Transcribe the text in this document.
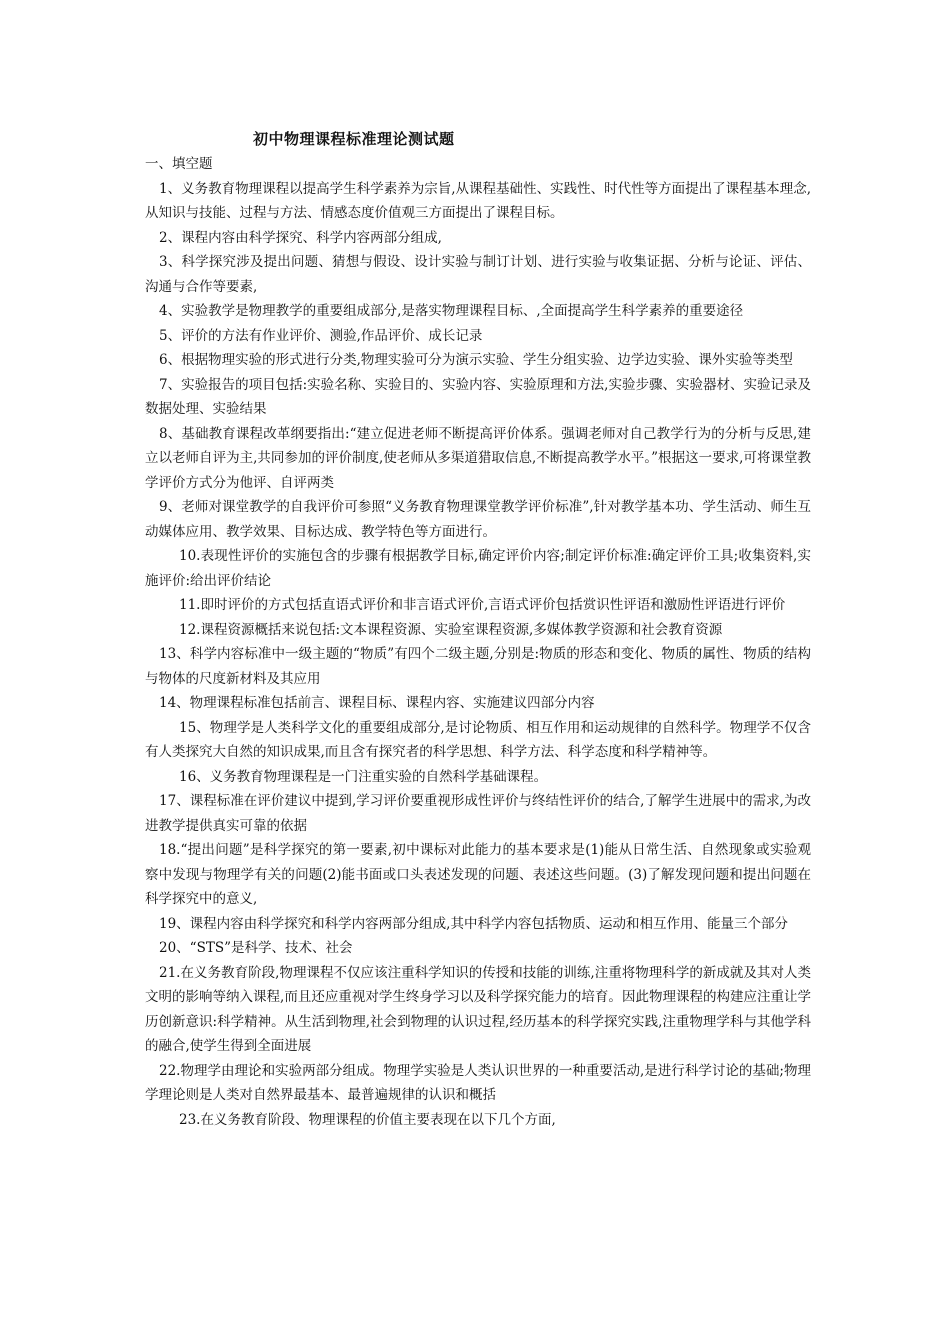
初中物理课程标准理论测试题

一、填空题

1、义务教育物理课程以提高学生科学素养为宗旨,从课程基础性、实践性、时代性等方面提出了课程基本理念,从知识与技能、过程与方法、情感态度价值观三方面提出了课程目标。

2、课程内容由科学探究、科学内容两部分组成,

3、科学探究涉及提出问题、猜想与假设、设计实验与制订计划、进行实验与收集证据、分析与论证、评估、沟通与合作等要素,

4、实验教学是物理教学的重要组成部分,是落实物理课程目标、,全面提高学生科学素养的重要途径

5、评价的方法有作业评价、测验,作品评价、成长记录

6、根据物理实验的形式进行分类,物理实验可分为演示实验、学生分组实验、边学边实验、课外实验等类型

7、实验报告的项目包括:实验名称、实验目的、实验内容、实验原理和方法,实验步骤、实验器材、实验记录及数据处理、实验结果

8、基础教育课程改革纲要指出:“建立促进老师不断提高评价体系。强调老师对自己教学行为的分析与反思,建立以老师自评为主,共同参加的评价制度,使老师从多渠道猎取信息,不断提高教学水平。”根据这一要求,可将课堂教学评价方式分为他评、自评两类

9、老师对课堂教学的自我评价可参照“义务教育物理课堂教学评价标准”,针对教学基本功、学生活动、师生互动媒体应用、教学效果、目标达成、教学特色等方面进行。

10.表现性评价的实施包含的步骤有根据教学目标,确定评价内容;制定评价标准:确定评价工具;收集资料,实施评价:给出评价结论

11.即时评价的方式包括直语式评价和非言语式评价,言语式评价包括赏识性评语和激励性评语进行评价

12.课程资源概括来说包括:文本课程资源、实验室课程资源,多媒体教学资源和社会教育资源

13、科学内容标准中一级主题的“物质”有四个二级主题,分别是:物质的形态和变化、物质的属性、物质的结构与物体的尺度新材料及其应用

14、物理课程标准包括前言、课程目标、课程内容、实施建议四部分内容

15、物理学是人类科学文化的重要组成部分,是讨论物质、相互作用和运动规律的自然科学。物理学不仅含有人类探究大自然的知识成果,而且含有探究者的科学思想、科学方法、科学态度和科学精神等。

16、义务教育物理课程是一门注重实验的自然科学基础课程。

17、课程标准在评价建议中提到,学习评价要重视形成性评价与终结性评价的结合,了解学生进展中的需求,为改进教学提供真实可靠的依据

18.“提出问题”是科学探究的第一要素,初中课标对此能力的基本要求是(1)能从日常生活、自然现象或实验观察中发现与物理学有关的问题(2)能书面或口头表述发现的问题、表述这些问题。(3)了解发现问题和提出问题在科学探究中的意义,

19、课程内容由科学探究和科学内容两部分组成,其中科学内容包括物质、运动和相互作用、能量三个部分

20、“STS”是科学、技术、社会

21.在义务教育阶段,物理课程不仅应该注重科学知识的传授和技能的训练,注重将物理科学的新成就及其对人类文明的影响等纳入课程,而且还应重视对学生终身学习以及科学探究能力的培育。因此物理课程的构建应注重让学历创新意识:科学精神。从生活到物理,社会到物理的认识过程,经历基本的科学探究实践,注重物理学科与其他学科的融合,使学生得到全面进展

22.物理学由理论和实验两部分组成。物理学实验是人类认识世界的一种重要活动,是进行科学讨论的基础;物理学理论则是人类对自然界最基本、最普遍规律的认识和概括

23.在义务教育阶段、物理课程的价值主要表现在以下几个方面,
